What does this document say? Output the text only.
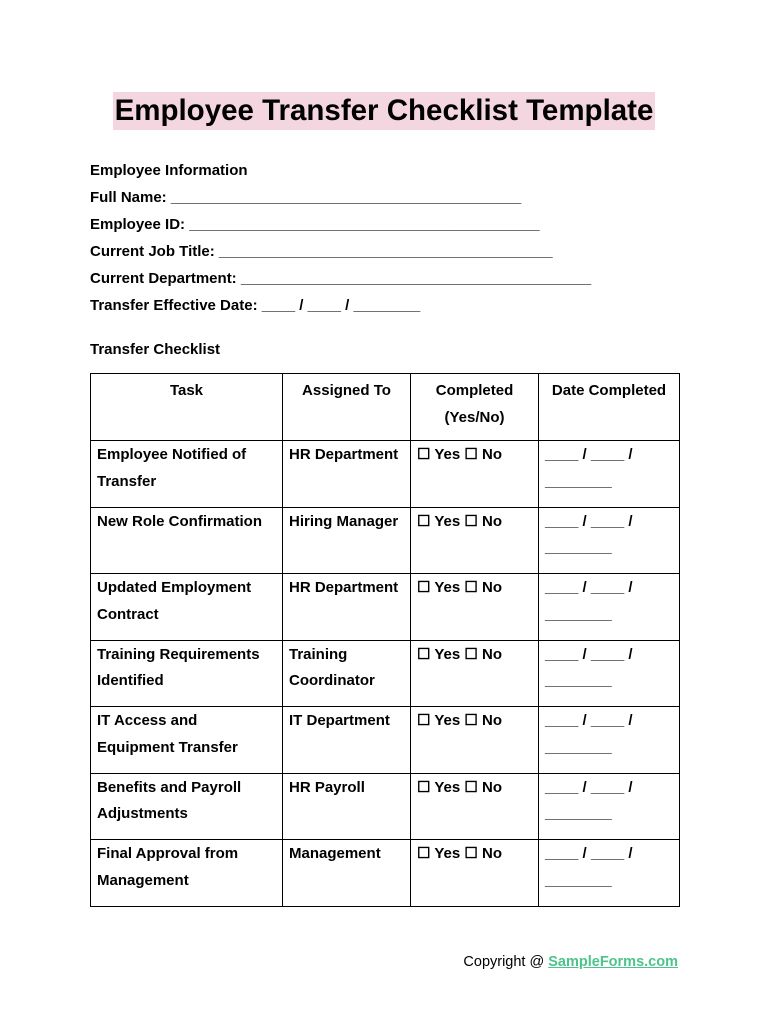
Employee Transfer Checklist Template
Employee Information
Full Name: __________________________________________
Employee ID: __________________________________________
Current Job Title: ________________________________________
Current Department: __________________________________________
Transfer Effective Date: ____ / ____ / ________
Transfer Checklist
Task	Assigned To	Completed (Yes/No)	Date Completed
Employee Notified of Transfer	HR Department	☐ Yes ☐ No	____ / ____ / ________
New Role Confirmation	Hiring Manager	☐ Yes ☐ No	____ / ____ / ________
Updated Employment Contract	HR Department	☐ Yes ☐ No	____ / ____ / ________
Training Requirements Identified	Training Coordinator	☐ Yes ☐ No	____ / ____ / ________
IT Access and Equipment Transfer	IT Department	☐ Yes ☐ No	____ / ____ / ________
Benefits and Payroll Adjustments	HR Payroll	☐ Yes ☐ No	____ / ____ / ________
Final Approval from Management	Management	☐ Yes ☐ No	____ / ____ / ________
Copyright @ SampleForms.com
